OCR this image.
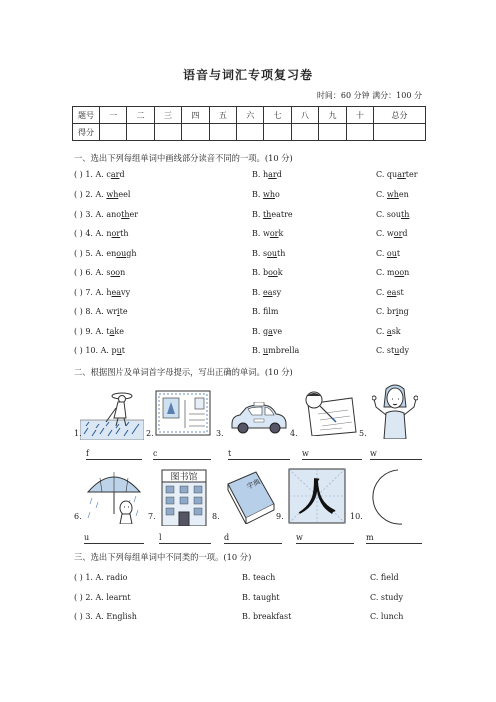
语音与词汇专项复习卷
时间：60 分钟 满分：100 分
题号	一	二	三	四	五	六	七	八	九	十	总分
得分											
一、选出下列每组单词中画线部分读音不同的一项。(10 分)
( ) 1. A. card	B. hard	C. quarter
( ) 2. A. wheel	B. who	C. when
( ) 3. A. another	B. theatre	C. south
( ) 4. A. north	B. work	C. word
( ) 5. A. enough	B. south	C. out
( ) 6. A. soon	B. book	C. moon
( ) 7. A. heavy	B. easy	C. east
( ) 8. A. write	B. flm	C. bring
( ) 9. A. take	B. gave	C. ask
( ) 10. A. put	B. umbrella	C. study
二、根据图片及单词首字母提示，写出正确的单词。(10 分)
1.	2.	3.	4.	5.
f	c	t	w	w
图书馆
字典 人
6.	7.	8.	9.	10.
u	l	d	w	m
三、选出下列每组单词中不同类的一项。(10 分)
( ) 1. A. radio	B. teach	C. field
( ) 2. A. learnt	B. taught	C. study
( ) 3. A. English	B. breakfast	C. lunch
